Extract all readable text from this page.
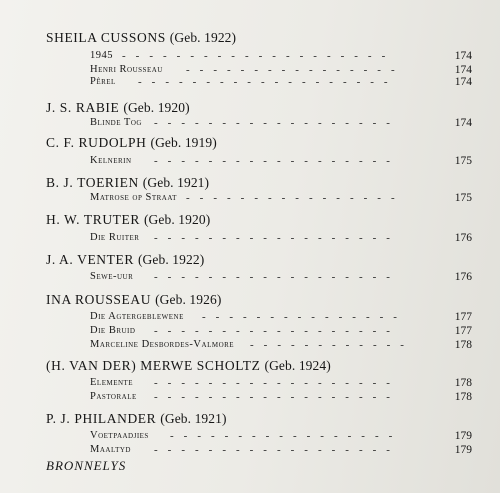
SHEILA CUSSONS (Geb. 1922)
1945 --------------------	174
Henri Rousseau ----------------	174
Pêrel -------------------	174
J. S. RABIE (Geb. 1920)
Blinde Tog ------------------	174
C. F. RUDOLPH (Geb. 1919)
Kelnerin ------------------	175
B. J. TOERIEN (Geb. 1921)
Matrose op Straat ----------------	175
H. W. TRUTER (Geb. 1920)
Die Ruiter ------------------	176
J. A. VENTER (Geb. 1922)
Sewe-uur ------------------	176
INA ROUSSEAU (Geb. 1926)
Die Agtergeblewene ---------------	177
Die Bruid ------------------	177
Marceline Desbordes-Valmore ------------	178
(H. VAN DER) MERWE SCHOLTZ (Geb. 1924)
Elemente ------------------	178
Pastorale ------------------	178
P. J. PHILANDER (Geb. 1921)
Voetpaadjies -----------------	179
Maaltyd ------------------	179
BRONNELYS
